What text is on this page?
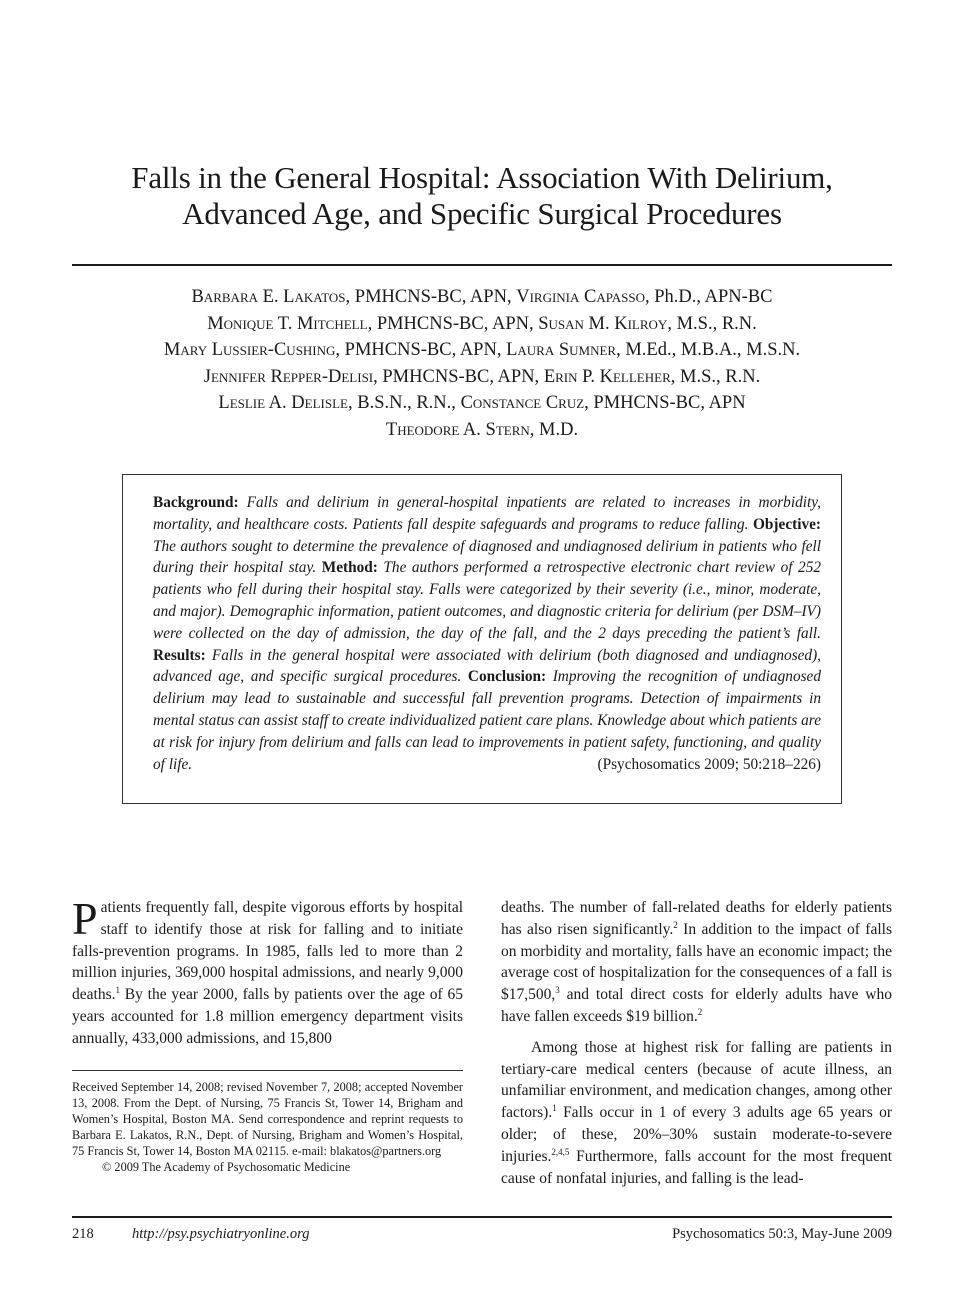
Falls in the General Hospital: Association With Delirium,
Advanced Age, and Specific Surgical Procedures
Barbara E. Lakatos, PMHCNS-BC, APN, Virginia Capasso, Ph.D., APN-BC
Monique T. Mitchell, PMHCNS-BC, APN, Susan M. Kilroy, M.S., R.N.
Mary Lussier-Cushing, PMHCNS-BC, APN, Laura Sumner, M.Ed., M.B.A., M.S.N.
Jennifer Repper-Delisi, PMHCNS-BC, APN, Erin P. Kelleher, M.S., R.N.
Leslie A. Delisle, B.S.N., R.N., Constance Cruz, PMHCNS-BC, APN
Theodore A. Stern, M.D.
Background: Falls and delirium in general-hospital inpatients are related to increases in morbidity, mortality, and healthcare costs. Patients fall despite safeguards and programs to reduce falling. Objective: The authors sought to determine the prevalence of diagnosed and undiagnosed delirium in patients who fell during their hospital stay. Method: The authors performed a retrospective electronic chart review of 252 patients who fell during their hospital stay. Falls were categorized by their severity (i.e., minor, moderate, and major). Demographic information, patient outcomes, and diagnostic criteria for delirium (per DSM–IV) were collected on the day of admission, the day of the fall, and the 2 days preceding the patient’s fall. Results: Falls in the general hospital were associated with delirium (both diagnosed and undiagnosed), advanced age, and specific surgical procedures. Conclusion: Improving the recognition of undiagnosed delirium may lead to sustainable and successful fall prevention programs. Detection of impairments in mental status can assist staff to create individualized patient care plans. Knowledge about which patients are at risk for injury from delirium and falls can lead to improvements in patient safety, functioning, and quality of life.	(Psychosomatics 2009; 50:218–226)

Patients frequently fall, despite vigorous efforts by hospital staff to identify those at risk for falling and to initiate falls-prevention programs. In 1985, falls led to more than 2 million injuries, 369,000 hospital admissions, and nearly 9,000 deaths.$^1$ By the year 2000, falls by patients over the age of 65 years accounted for 1.8 million emergency department visits annually, 433,000 admissions, and 15,800

deaths. The number of fall-related deaths for elderly patients has also risen significantly.$^2$ In addition to the impact of falls on morbidity and mortality, falls have an economic impact; the average cost of hospitalization for the consequences of a fall is $17,500,$^3$ and total direct costs for elderly adults have who have fallen exceeds $19 billion.$^2$

Among those at highest risk for falling are patients in tertiary-care medical centers (because of acute illness, an unfamiliar environment, and medication changes, among other factors).$^1$ Falls occur in 1 of every 3 adults age 65 years or older; of these, 20%–30% sustain moderate-to-severe injuries.$^{2,4,5}$ Furthermore, falls account for the most frequent cause of nonfatal injuries, and falling is the lead-

Received September 14, 2008; revised November 7, 2008; accepted November 13, 2008. From the Dept. of Nursing, 75 Francis St, Tower 14, Brigham and Women’s Hospital, Boston MA. Send correspondence and reprint requests to Barbara E. Lakatos, R.N., Dept. of Nursing, Brigham and Women’s Hospital, 75 Francis St, Tower 14, Boston MA 02115. e-mail: blakatos@partners.org
© 2009 The Academy of Psychosomatic Medicine
218	http://psy.psychiatryonline.org	Psychosomatics 50:3, May-June 2009
